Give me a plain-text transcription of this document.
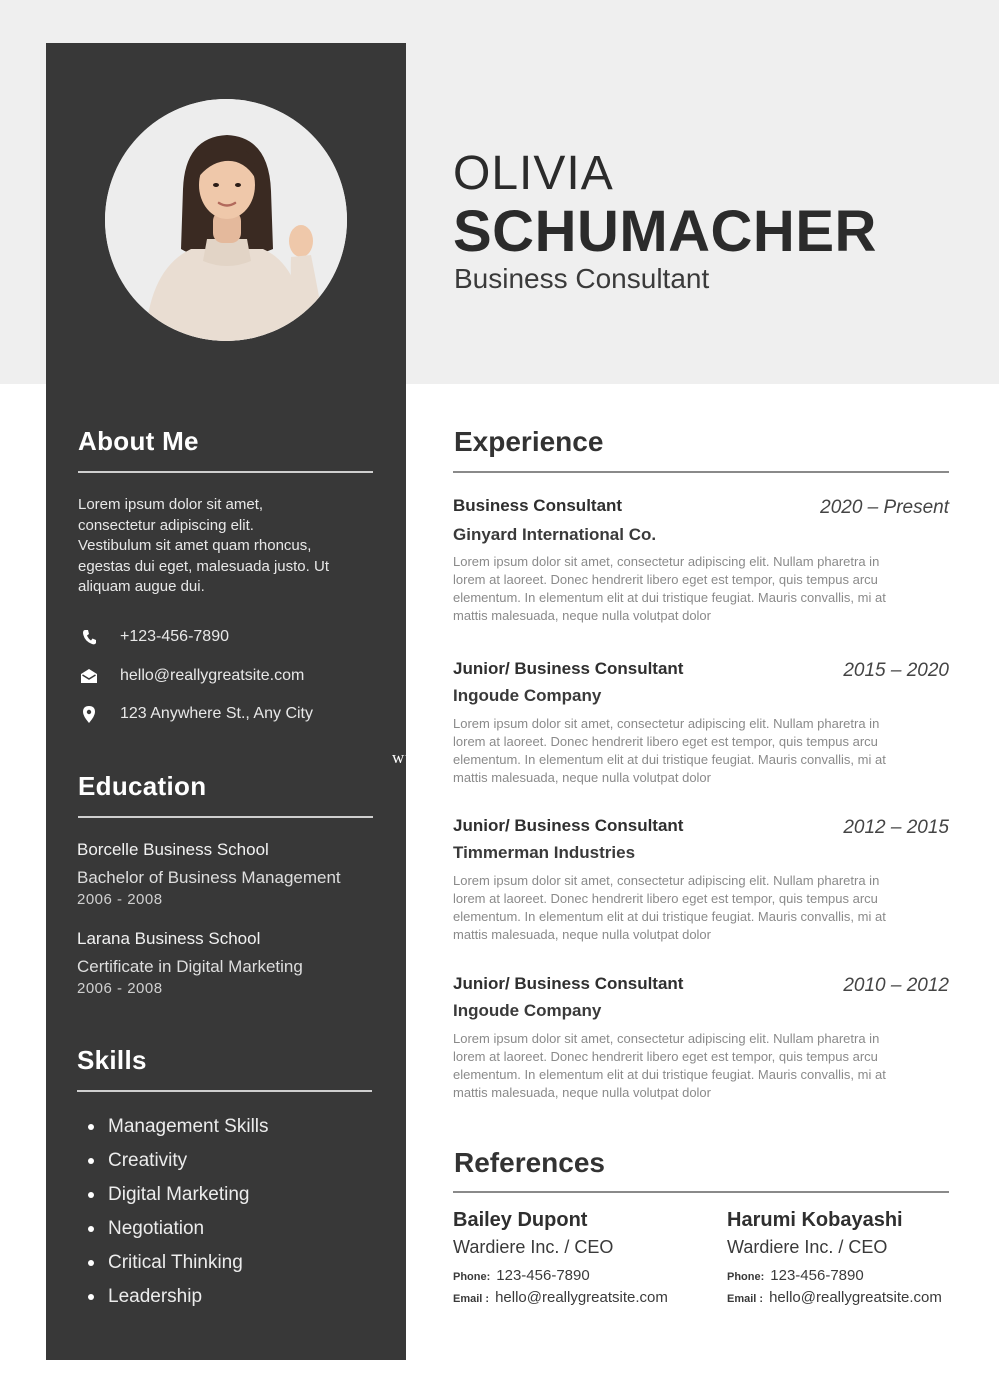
About Me
Lorem ipsum dolor sit amet,
consectetur adipiscing elit.
Vestibulum sit amet quam rhoncus,
egestas dui eget, malesuada justo. Ut
aliquam augue dui.
+123-456-7890
hello@reallygreatsite.com
123 Anywhere St., Any City
www.k
Education
Borcelle Business School
Bachelor of Business Management
2006 - 2008
Larana Business School
Certificate in Digital Marketing
2006 - 2008
Skills
Management Skills
Creativity
Digital Marketing
Negotiation
Critical Thinking
Leadership
OLIVIA
SCHUMACHER
Business Consultant
Experience
Business Consultant	2020 – Present
Ginyard International Co.
Lorem ipsum dolor sit amet, consectetur adipiscing elit. Nullam pharetra in
lorem at laoreet. Donec hendrerit libero eget est tempor, quis tempus arcu
elementum. In elementum elit at dui tristique feugiat. Mauris convallis, mi at
mattis malesuada, neque nulla volutpat dolor
Junior/ Business Consultant	2015 – 2020
Ingoude Company
Lorem ipsum dolor sit amet, consectetur adipiscing elit. Nullam pharetra in
lorem at laoreet. Donec hendrerit libero eget est tempor, quis tempus arcu
elementum. In elementum elit at dui tristique feugiat. Mauris convallis, mi at
mattis malesuada, neque nulla volutpat dolor
Junior/ Business Consultant	2012 – 2015
Timmerman Industries
Lorem ipsum dolor sit amet, consectetur adipiscing elit. Nullam pharetra in
lorem at laoreet. Donec hendrerit libero eget est tempor, quis tempus arcu
elementum. In elementum elit at dui tristique feugiat. Mauris convallis, mi at
mattis malesuada, neque nulla volutpat dolor
Junior/ Business Consultant	2010 – 2012
Ingoude Company
Lorem ipsum dolor sit amet, consectetur adipiscing elit. Nullam pharetra in
lorem at laoreet. Donec hendrerit libero eget est tempor, quis tempus arcu
elementum. In elementum elit at dui tristique feugiat. Mauris convallis, mi at
mattis malesuada, neque nulla volutpat dolor
References
Bailey Dupont
Wardiere Inc. / CEO
Phone: 123-456-7890
Email : hello@reallygreatsite.com
Harumi Kobayashi
Wardiere Inc. / CEO
Phone: 123-456-7890
Email : hello@reallygreatsite.com
